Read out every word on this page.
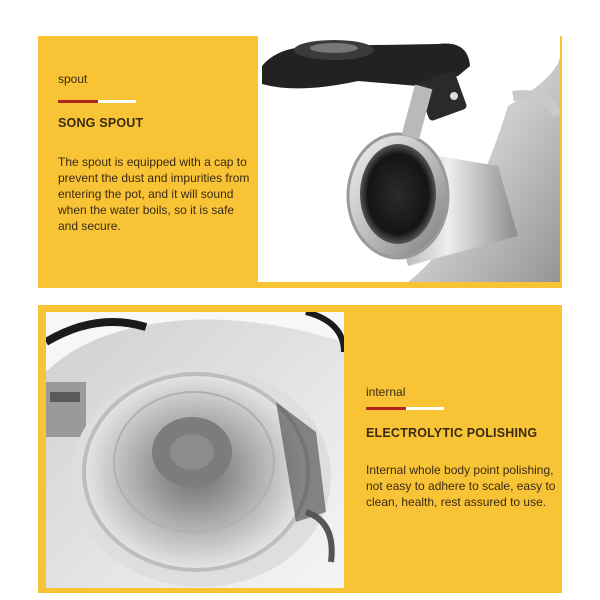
spout

SONG SPOUT

The spout is equipped with a cap to prevent the dust and impurities from entering the pot, and it will sound when the water boils, so it is safe and secure.

internal

ELECTROLYTIC POLISHING

Internal whole body point polishing, not easy to adhere to scale, easy to clean, health, rest assured to use.
